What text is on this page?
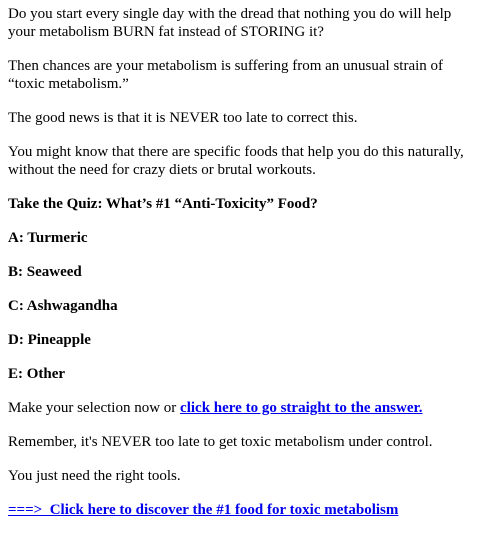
Do you start every single day with the dread that nothing you do will help
your metabolism BURN fat instead of STORING it?

Then chances are your metabolism is suffering from an unusual strain of
“toxic metabolism.”

The good news is that it is NEVER too late to correct this.

You might know that there are specific foods that help you do this naturally,
without the need for crazy diets or brutal workouts.

Take the Quiz: What’s #1 “Anti-Toxicity” Food?

A: Turmeric

B: Seaweed

C: Ashwagandha

D: Pineapple

E: Other

Make your selection now or click here to go straight to the answer.

Remember, it's NEVER too late to get toxic metabolism under control.

You just need the right tools.

===>  Click here to discover the #1 food for toxic metabolism
